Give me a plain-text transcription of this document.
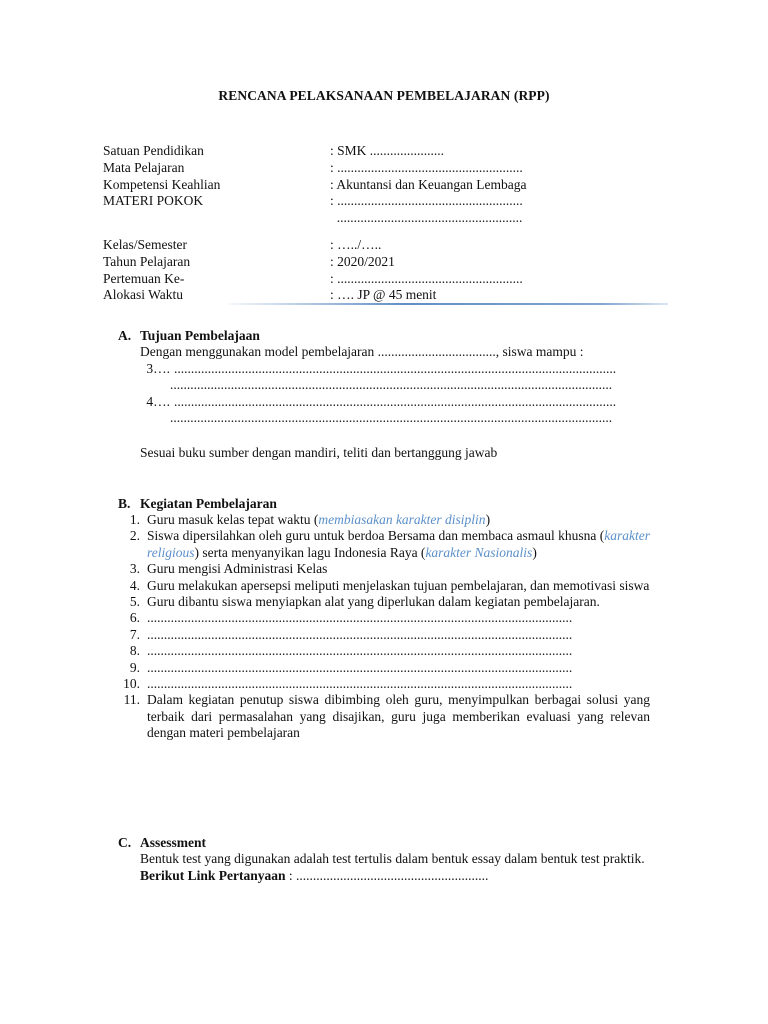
RENCANA PELAKSANAAN PEMBELAJARAN (RPP)
Satuan Pendidikan	: SMK ......................
Mata Pelajaran	: .......................................................
Kompetensi Keahlian	: Akuntansi dan Keuangan Lembaga
MATERI POKOK	: .......................................................
.......................................................
Kelas/Semester	: …../…..
Tahun Pelajaran	: 2020/2021
Pertemuan Ke-	: .......................................................
Alokasi Waktu	: …. JP @ 45 menit
A. Tujuan Pembelajaan
Dengan menggunakan model pembelajaran ..................................., siswa mampu :
3…. ...................................................................................................................................
...................................................................................................................................
4…. ...................................................................................................................................
...................................................................................................................................
Sesuai buku sumber dengan mandiri, teliti dan bertanggung jawab
B. Kegiatan Pembelajaran
1. Guru masuk kelas tepat waktu (membiasakan karakter disiplin)
2. Siswa dipersilahkan oleh guru untuk berdoa Bersama dan membaca asmaul khusna (karakter religious) serta menyanyikan lagu Indonesia Raya (karakter Nasionalis)
3. Guru mengisi Administrasi Kelas
4. Guru melakukan apersepsi meliputi menjelaskan tujuan pembelajaran, dan memotivasi siswa
5. Guru dibantu siswa menyiapkan alat yang diperlukan dalam kegiatan pembelajaran.
6. ..............................................................................................................................
7. ..............................................................................................................................
8. ..............................................................................................................................
9. ..............................................................................................................................
10. ..............................................................................................................................
11. Dalam kegiatan penutup siswa dibimbing oleh guru, menyimpulkan berbagai solusi yang terbaik dari permasalahan yang disajikan, guru juga memberikan evaluasi yang relevan dengan materi pembelajaran
C. Assessment
Bentuk test yang digunakan adalah test tertulis dalam bentuk essay dalam bentuk test praktik.
Berikut Link Pertanyaan : .........................................................
